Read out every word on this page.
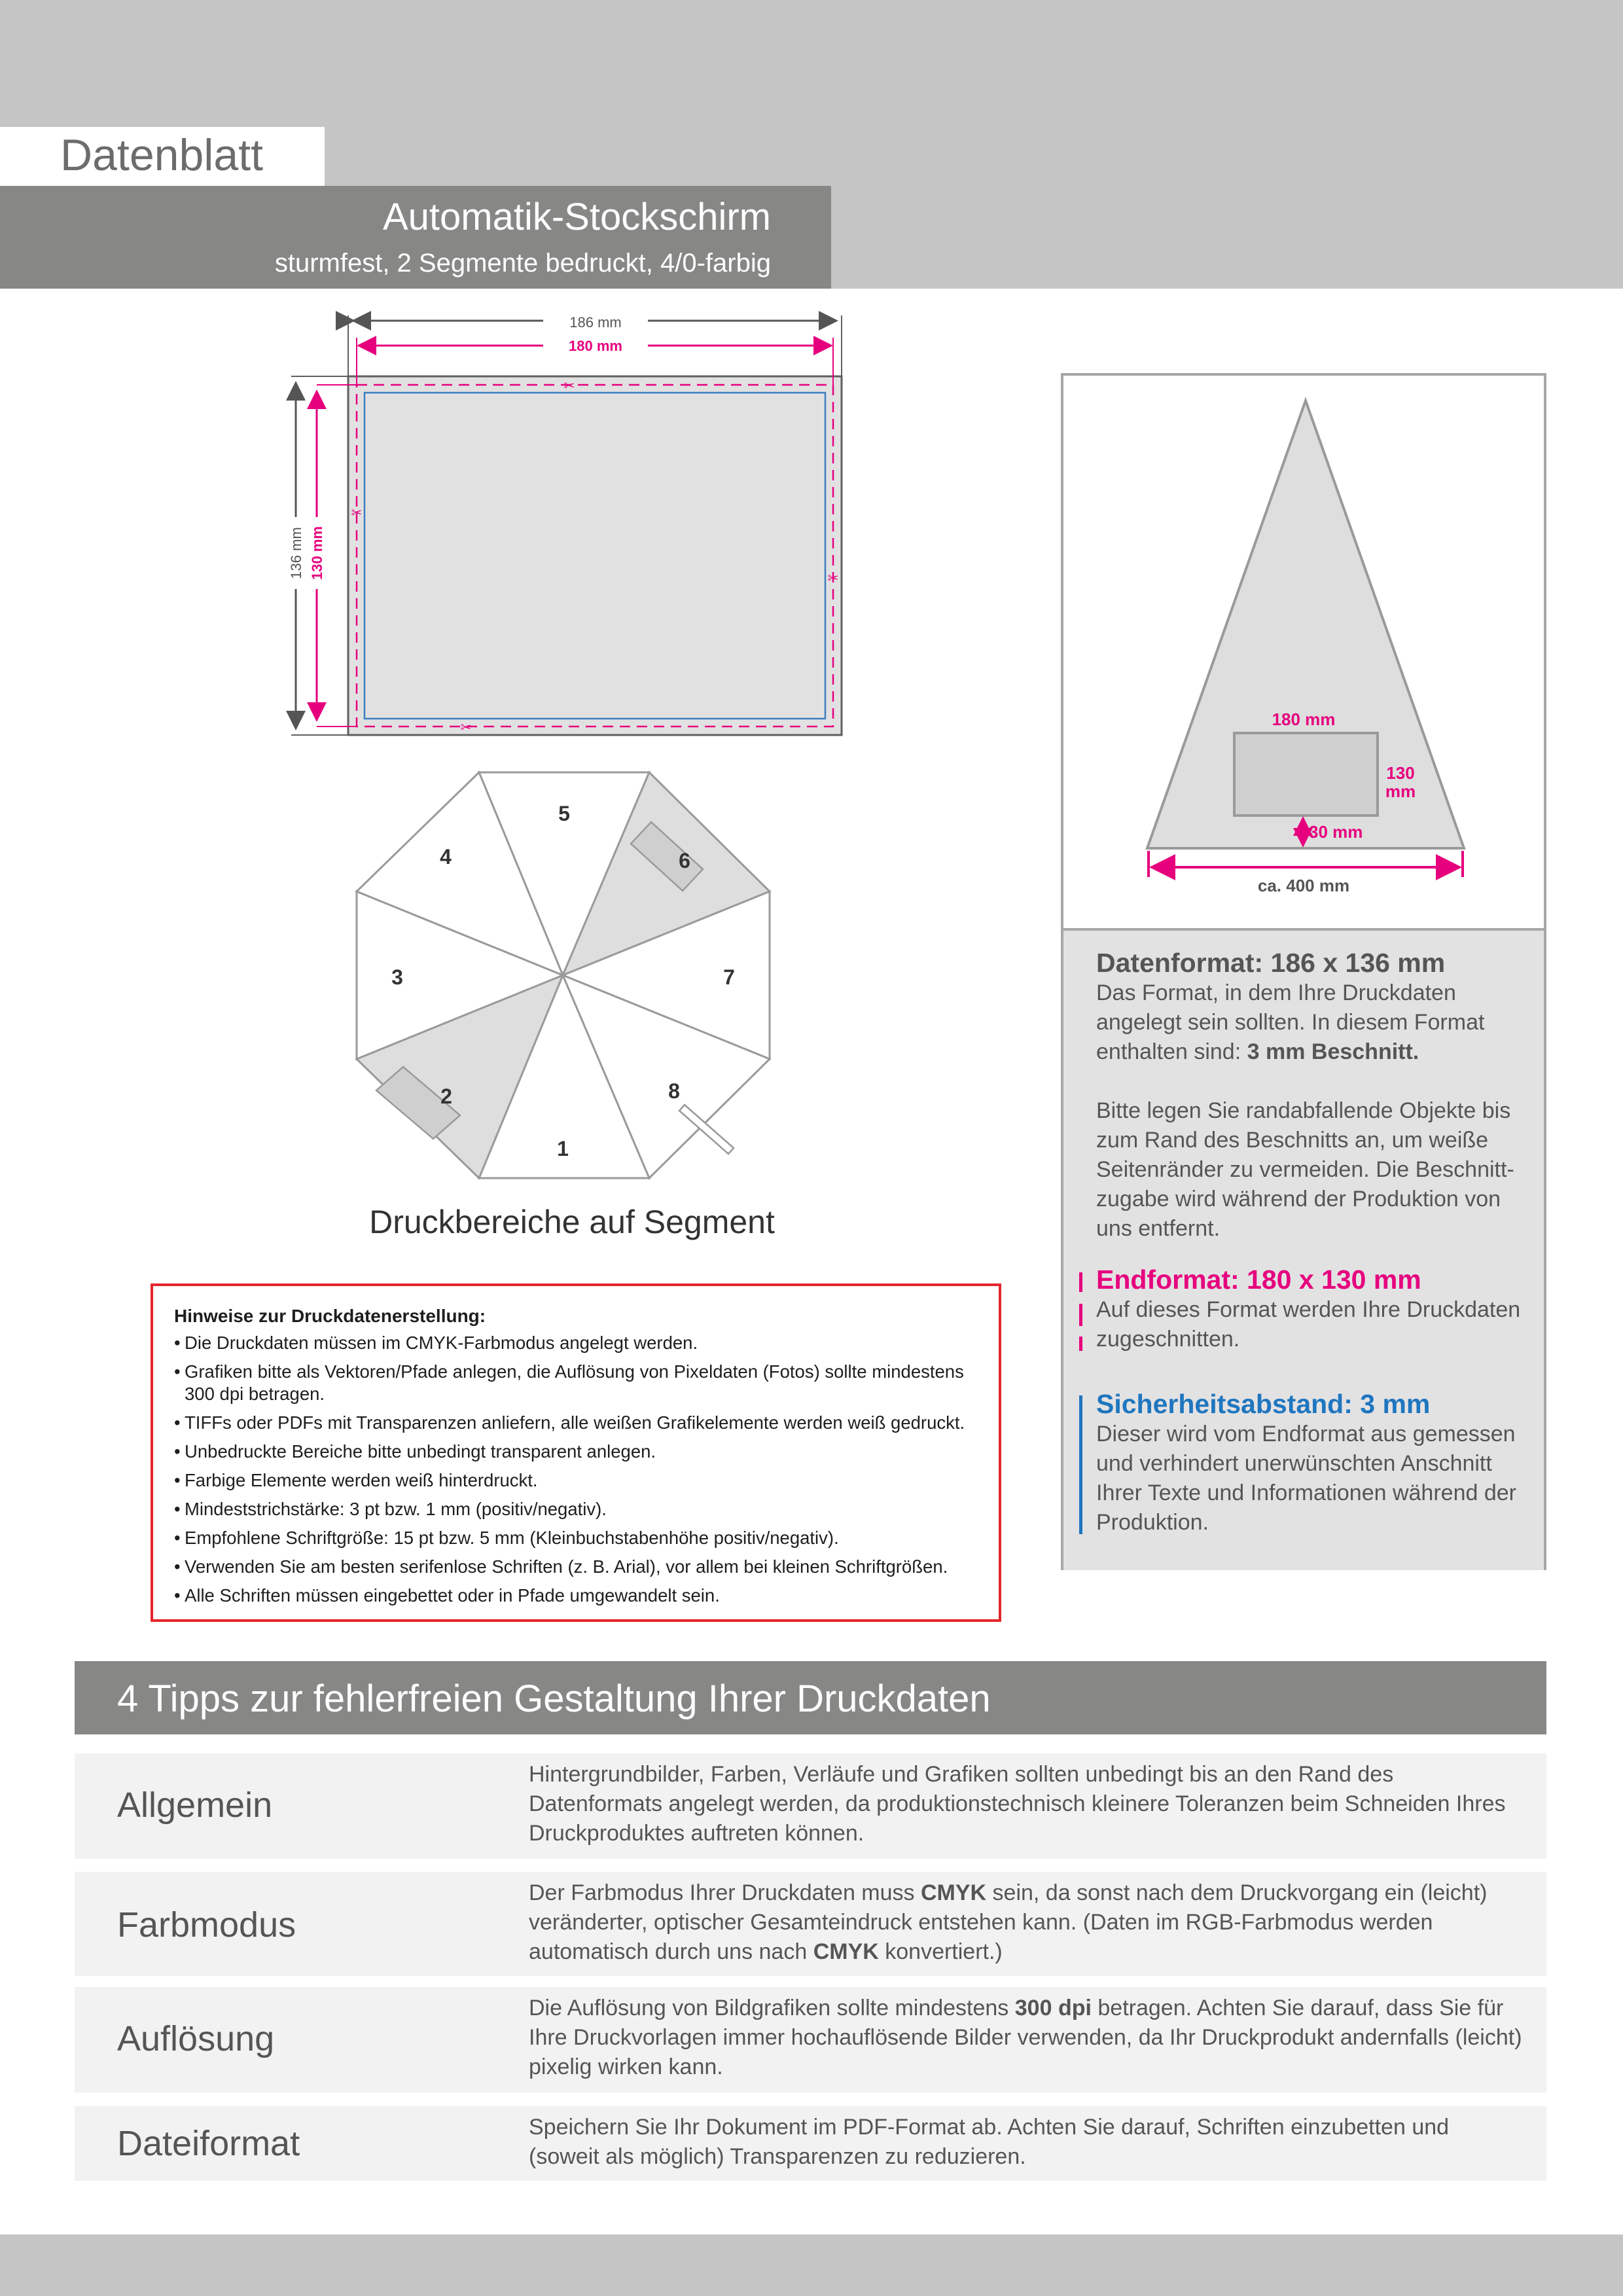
Datenblatt
Automatik-Stockschirm
sturmfest, 2 Segmente bedruckt, 4/0-farbig
186 mm
180 mm
✂
✂
✂
✂
136 mm 130 mm
1
2
3
4
5
6
7
8
Druckbereiche auf Segment
Hinweise zur Druckdatenerstellung:
• Die Druckdaten müssen im CMYK-Farbmodus angelegt werden.
• Grafiken bitte als Vektoren/Pfade anlegen, die Auflösung von Pixeldaten (Fotos) sollte mindestens 300 dpi betragen.
• TIFFs oder PDFs mit Transparenzen anliefern, alle weißen Grafikelemente werden weiß gedruckt.
• Unbedruckte Bereiche bitte unbedingt transparent anlegen.
• Farbige Elemente werden weiß hinterdruckt.
• Mindeststrichstärke: 3 pt bzw. 1 mm (positiv/negativ).
• Empfohlene Schriftgröße: 15 pt bzw. 5 mm (Kleinbuchstabenhöhe positiv/negativ).
• Verwenden Sie am besten serifenlose Schriften (z. B. Arial), vor allem bei kleinen Schriftgrößen.
• Alle Schriften müssen eingebettet oder in Pfade umgewandelt sein.
180 mm
130
mm
30 mm
ca. 400 mm
Datenformat: 186 x 136 mm

Das Format, in dem Ihre Druckdaten angelegt sein sollten. In diesem Format enthalten sind: 3 mm Beschnitt.

Bitte legen Sie randabfallende Objekte bis zum Rand des Beschnitts an, um weiße Seitenränder zu vermeiden. Die Beschnitt-zugabe wird während der Produktion von uns entfernt.

Endformat: 180 x 130 mm

Auf dieses Format werden Ihre Druckdaten zugeschnitten.

Sicherheitsabstand: 3 mm

Dieser wird vom Endformat aus gemessen und verhindert unerwünschten Anschnitt Ihrer Texte und Informationen während der Produktion.

4 Tipps zur fehlerfreien Gestaltung Ihrer Druckdaten
Allgemein
Hintergrundbilder, Farben, Verläufe und Grafiken sollten unbedingt bis an den Rand des Datenformats angelegt werden, da produktionstechnisch kleinere Toleranzen beim Schneiden Ihres Druckproduktes auftreten können.
Farbmodus
Der Farbmodus Ihrer Druckdaten muss CMYK sein, da sonst nach dem Druckvorgang ein (leicht) veränderter, optischer Gesamteindruck entstehen kann. (Daten im RGB-Farbmodus werden automatisch durch uns nach CMYK konvertiert.)
Auflösung
Die Auflösung von Bildgrafiken sollte mindestens 300 dpi betragen. Achten Sie darauf, dass Sie für Ihre Druckvorlagen immer hochauflösende Bilder verwenden, da Ihr Druckprodukt andernfalls (leicht) pixelig wirken kann.
Dateiformat	Speichern Sie Ihr Dokument im PDF-Format ab. Achten Sie darauf, Schriften einzubetten und (soweit als möglich) Transparenzen zu reduzieren.
